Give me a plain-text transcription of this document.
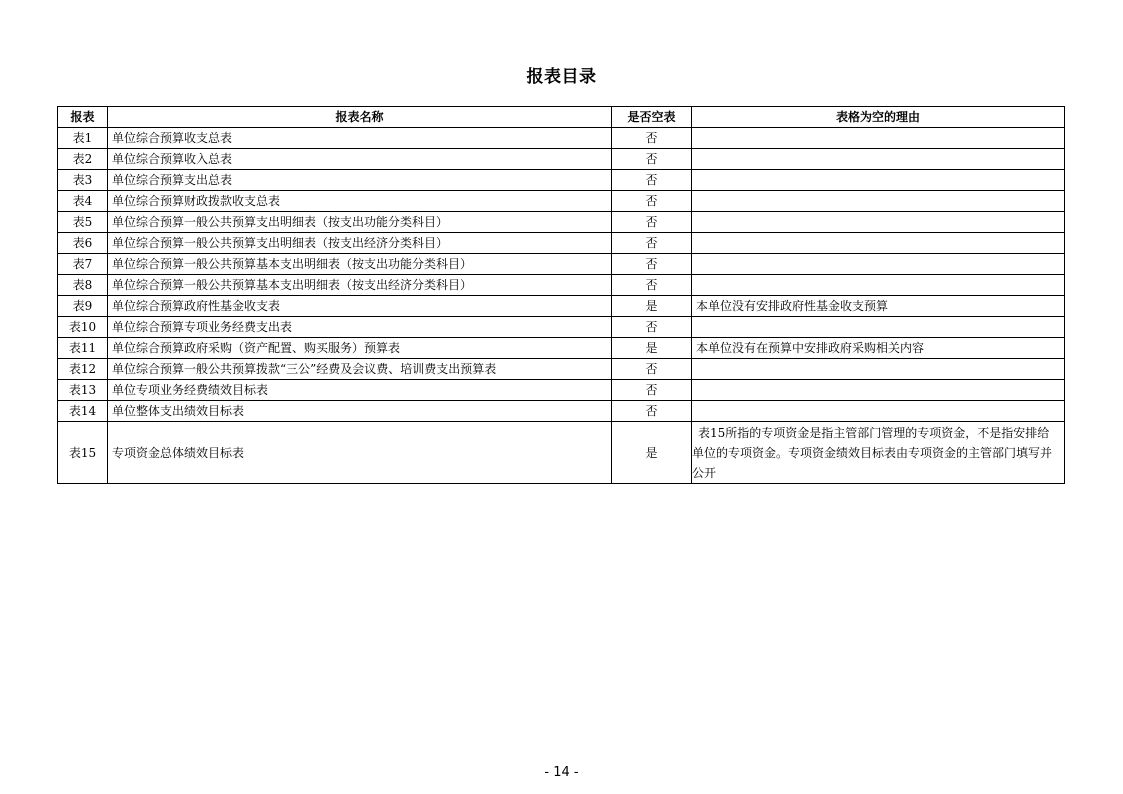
报表目录
报表	报表名称	是否空表	表格为空的理由
表1	单位综合预算收支总表	否	
表2	单位综合预算收入总表	否	
表3	单位综合预算支出总表	否	
表4	单位综合预算财政拨款收支总表	否	
表5	单位综合预算一般公共预算支出明细表（按支出功能分类科目）	否	
表6	单位综合预算一般公共预算支出明细表（按支出经济分类科目）	否	
表7	单位综合预算一般公共预算基本支出明细表（按支出功能分类科目）	否	
表8	单位综合预算一般公共预算基本支出明细表（按支出经济分类科目）	否	
表9	单位综合预算政府性基金收支表	是	本单位没有安排政府性基金收支预算
表10	单位综合预算专项业务经费支出表	否	
表11	单位综合预算政府采购（资产配置、购买服务）预算表	是	本单位没有在预算中安排政府采购相关内容
表12	单位综合预算一般公共预算拨款“三公”经费及会议费、培训费支出预算表	否	
表13	单位专项业务经费绩效目标表	否	
表14	单位整体支出绩效目标表	否	
表15	专项资金总体绩效目标表	是	表15所指的专项资金是指主管部门管理的专项资金，不是指安排给单位的专项资金。专项资金绩效目标表由专项资金的主管部门填写并公开
- 14 -
